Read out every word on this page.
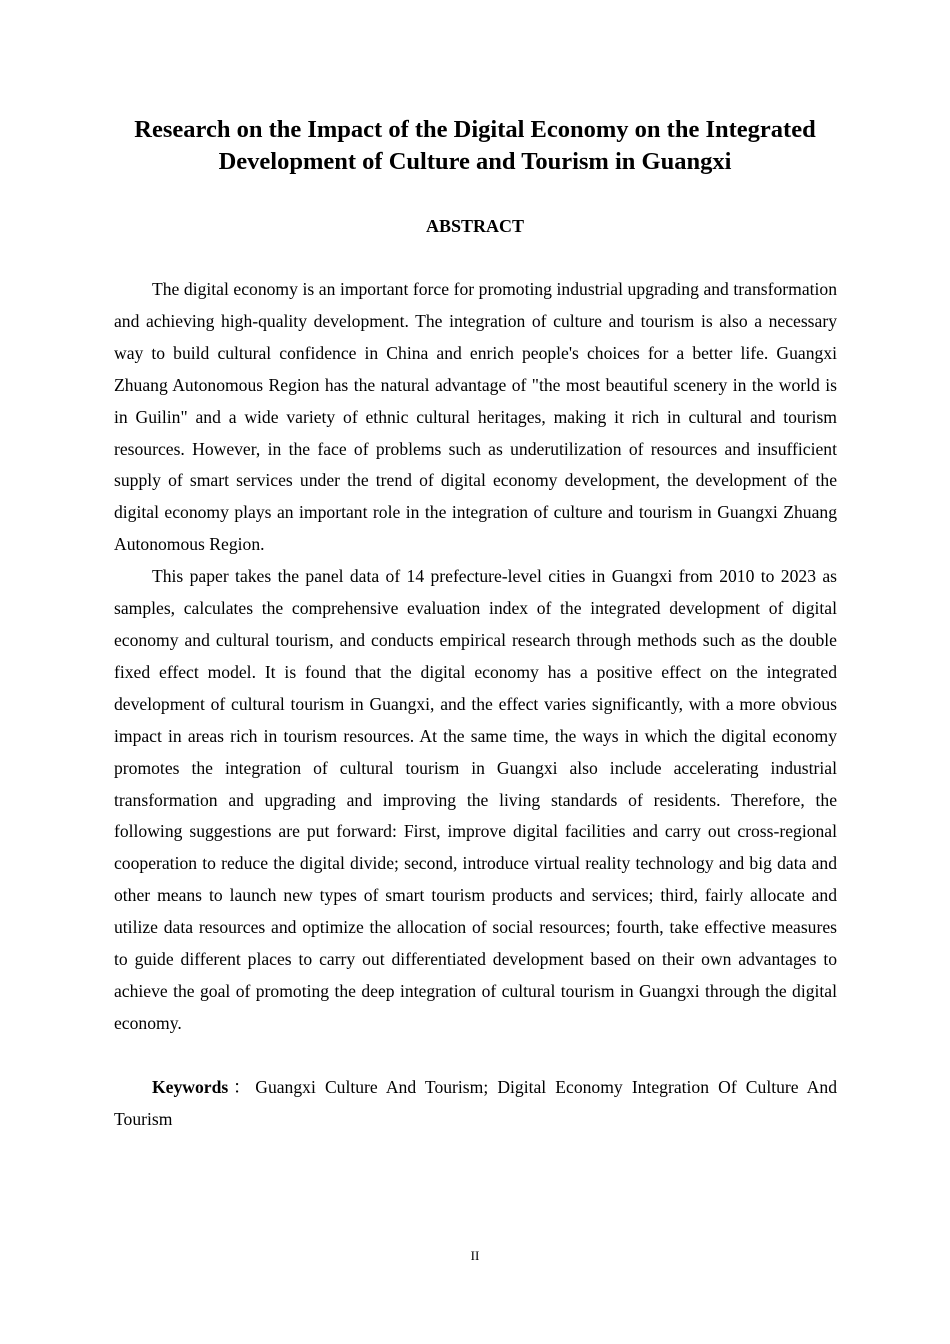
Research on the Impact of the Digital Economy on the Integrated Development of Culture and Tourism in Guangxi
ABSTRACT

The digital economy is an important force for promoting industrial upgrading and transformation and achieving high-quality development. The integration of culture and tourism is also a necessary way to build cultural confidence in China and enrich people's choices for a better life. Guangxi Zhuang Autonomous Region has the natural advantage of "the most beautiful scenery in the world is in Guilin" and a wide variety of ethnic cultural heritages, making it rich in cultural and tourism resources. However, in the face of problems such as underutilization of resources and insufficient supply of smart services under the trend of digital economy development, the development of the digital economy plays an important role in the integration of culture and tourism in Guangxi Zhuang Autonomous Region.

This paper takes the panel data of 14 prefecture-level cities in Guangxi from 2010 to 2023 as samples, calculates the comprehensive evaluation index of the integrated development of digital economy and cultural tourism, and conducts empirical research through methods such as the double fixed effect model. It is found that the digital economy has a positive effect on the integrated development of cultural tourism in Guangxi, and the effect varies significantly, with a more obvious impact in areas rich in tourism resources. At the same time, the ways in which the digital economy promotes the integration of cultural tourism in Guangxi also include accelerating industrial transformation and upgrading and improving the living standards of residents. Therefore, the following suggestions are put forward: First, improve digital facilities and carry out cross-regional cooperation to reduce the digital divide; second, introduce virtual reality technology and big data and other means to launch new types of smart tourism products and services; third, fairly allocate and utilize data resources and optimize the allocation of social resources; fourth, take effective measures to guide different places to carry out differentiated development based on their own advantages to achieve the goal of promoting the deep integration of cultural tourism in Guangxi through the digital economy.

Keywords：Guangxi Culture And Tourism; Digital Economy Integration Of Culture And Tourism

II
